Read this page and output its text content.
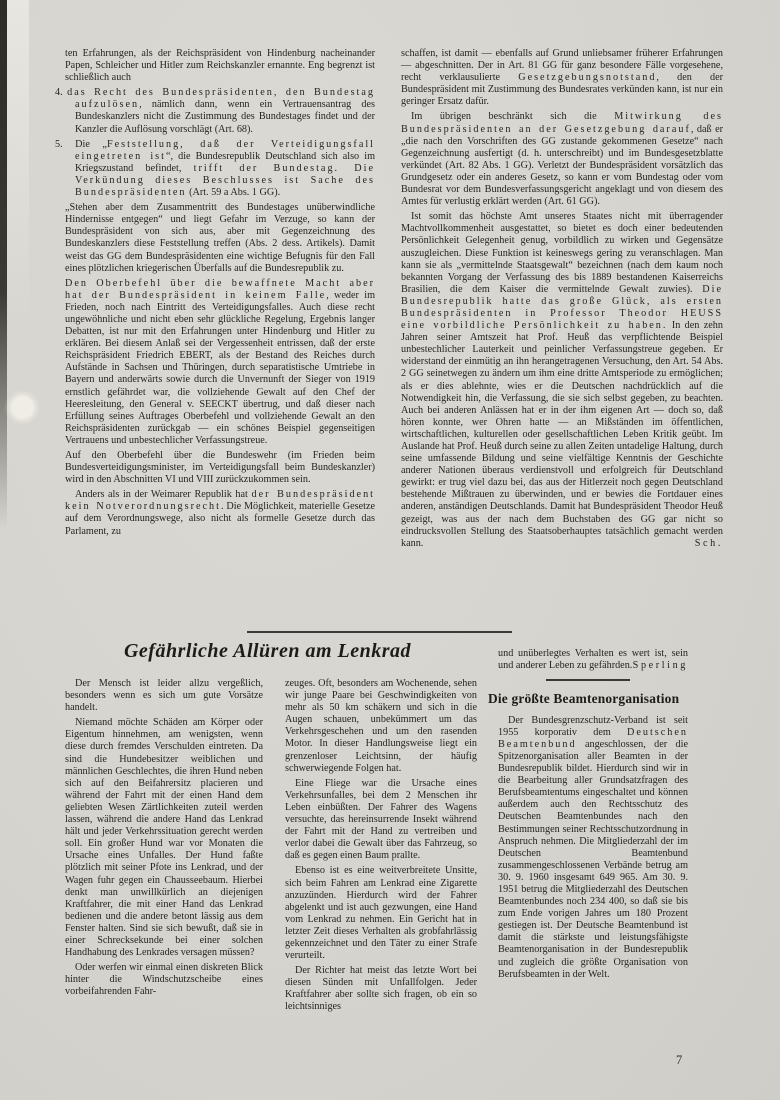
ten Erfahrungen, als der Reichspräsident von Hindenburg nacheinander Papen, Schleicher und Hitler zum Reichskanzler ernannte. Eng begrenzt ist schließlich auch

4. das Recht des Bundespräsidenten, den Bundestag aufzulösen, nämlich dann, wenn ein Vertrauensantrag des Bundeskanzlers nicht die Zustimmung des Bundestages findet und der Kanzler die Auflösung vorschlägt (Art. 68).

5. Die „Feststellung, daß der Verteidigungsfall eingetreten ist“, die Bundesrepublik Deutschland sich also im Kriegszustand befindet, trifft der Bundestag. Die Verkündung dieses Beschlusses ist Sache des Bundespräsidenten (Art. 59 a Abs. 1 GG).

„Stehen aber dem Zusammentritt des Bundestages unüberwindliche Hindernisse entgegen“ und liegt Gefahr im Verzuge, so kann der Bundespräsident von sich aus, aber mit Gegenzeichnung des Bundeskanzlers diese Feststellung treffen (Abs. 2 dess. Artikels). Damit weist das GG dem Bundespräsidenten eine wichtige Befugnis für den Fall eines plötzlichen kriegerischen Überfalls auf die Bundesrepublik zu.

Den Oberbefehl über die bewaffnete Macht aber hat der Bundespräsident in keinem Falle, weder im Frieden, noch nach Eintritt des Verteidigungsfalles. Auch diese recht ungewöhnliche und nicht eben sehr glückliche Regelung, Ergebnis langer Debatten, ist nur mit den Erfahrungen unter Hindenburg und Hitler zu erklären. Bei diesem Anlaß sei der Vergessenheit entrissen, daß der erste Reichspräsident Friedrich EBERT, als der Bestand des Reiches durch Aufstände in Sachsen und Thüringen, durch separatistische Umtriebe in Bayern und anderwärts sowie durch die Unvernunft der Sieger von 1919 ernstlich gefährdet war, die vollziehende Gewalt auf den Chef der Heeresleitung, den General v. SEECKT übertrug, und daß dieser nach Erfüllung seines Auftrages Oberbefehl und vollziehende Gewalt an den Reichspräsidenten zurückgab — ein schönes Beispiel gegenseitigen Vertrauens und unbestechlicher Verfassungstreue.

Auf den Oberbefehl über die Bundeswehr (im Frieden beim Bundesverteidigungsminister, im Verteidigungsfall beim Bundeskanzler) wird in den Abschnitten VI und VIII zurückzukommen sein.

Anders als in der Weimarer Republik hat der Bundespräsident kein Notverordnungsrecht. Die Möglichkeit, materielle Gesetze auf dem Verordnungswege, also nicht als formelle Gesetze durch das Parlament, zu

schaffen, ist damit — ebenfalls auf Grund unliebsamer früherer Erfahrungen — abgeschnitten. Der in Art. 81 GG für ganz besondere Fälle vorgesehene, recht verklausulierte Gesetzgebungsnotstand, den der Bundespräsident mit Zustimmung des Bundesrates verkünden kann, ist nur ein geringer Ersatz dafür.

Im übrigen beschränkt sich die Mitwirkung des Bundespräsidenten an der Gesetzgebung darauf, daß er „die nach den Vorschriften des GG zustande gekommenen Gesetze“ nach Gegenzeichnung ausfertigt (d. h. unterschreibt) und im Bundesgesetzblatte verkündet (Art. 82 Abs. 1 GG). Verletzt der Bundespräsident vorsätzlich das Grundgesetz oder ein anderes Gesetz, so kann er vom Bundestag oder vom Bundesrat vor dem Bundesverfassungsgericht angeklagt und von diesem des Amtes für verlustig erklärt werden (Art. 61 GG).

Ist somit das höchste Amt unseres Staates nicht mit überragender Machtvollkommenheit ausgestattet, so bietet es doch einer bedeutenden Persönlichkeit Gelegenheit genug, vorbildlich zu wirken und Gegensätze auszugleichen. Diese Funktion ist keineswegs gering zu veranschlagen. Man kann sie als „vermittelnde Staatsgewalt“ bezeichnen (nach dem kaum noch bekannten Vorgang der Verfassung des bis 1889 bestandenen Kaiserreichs Brasilien, die dem Kaiser die vermittelnde Gewalt zuwies). Die Bundesrepublik hatte das große Glück, als ersten Bundespräsidenten in Professor Theodor HEUSS eine vorbildliche Persönlichkeit zu haben. In den zehn Jahren seiner Amtszeit hat Prof. Heuß das verpflichtende Beispiel unbestechlicher Lauterkeit und peinlicher Verfassungstreue gegeben. Er widerstand der einmütig an ihn herangetragenen Versuchung, den Art. 54 Abs. 2 GG seinetwegen zu ändern um ihm eine dritte Amtsperiode zu ermöglichen; als er dies ablehnte, wies er die Deutschen nachdrücklich auf die Notwendigkeit hin, die Verfassung, die sie sich selbst gegeben, zu beachten. Auch bei anderen Anlässen hat er in der ihm eigenen Art — doch so, daß hören konnte, wer Ohren hatte — an Mißständen im öffentlichen, wirtschaftlichen, kulturellen oder gesellschaftlichen Leben Kritik geübt. Im Auslande hat Prof. Heuß durch seine zu allen Zeiten untadelige Haltung, durch seine umfassende Bildung und seine vielfältige Kenntnis der Geschichte anderer Nationen überaus verdienstvoll und erfolgreich für Deutschland gewirkt: er trug viel dazu bei, das aus der Hitlerzeit noch gegen Deutschland bestehende Mißtrauen zu überwinden, und er bewies die Fortdauer eines anderen, anständigen Deutschlands. Damit hat Bundespräsident Theodor Heuß gezeigt, was aus der nach dem Buchstaben des GG gar nicht so eindrucksvollen Stellung des Staatsoberhauptes tatsächlich gemacht werden kann.	Sch.

Gefährliche Allüren am Lenkrad

Der Mensch ist leider allzu vergeßlich, besonders wenn es sich um gute Vorsätze handelt.

Niemand möchte Schäden am Körper oder Eigentum hinnehmen, am wenigsten, wenn diese durch fremdes Verschulden eintreten. Da sind die Hundebesitzer weiblichen und männlichen Geschlechtes, die ihren Hund neben sich auf den Beifahrersitz placieren und während der Fahrt mit der einen Hand dem geliebten Wesen Zärtlichkeiten zuteil werden lassen, während die andere Hand das Lenkrad hält und jeder Verkehrssituation gerecht werden soll. Ein großer Hund war vor Monaten die Ursache eines Unfalles. Der Hund faßte plötzlich mit seiner Pfote ins Lenkrad, und der Wagen fuhr gegen ein Chausseebaum. Hierbei denkt man unwillkürlich an diejenigen Kraftfahrer, die mit einer Hand das Lenkrad bedienen und die andere betont lässig aus dem Fenster halten. Sind sie sich bewußt, daß sie in einer Schrecksekunde bei einer solchen Handhabung des Lenkrades versagen müssen?

Oder werfen wir einmal einen diskreten Blick hinter die Windschutzscheibe eines vorbeifahrenden Fahr-

zeuges. Oft, besonders am Wochenende, sehen wir junge Paare bei Geschwindigkeiten von mehr als 50 km schäkern und sich in die Augen schauen, unbekümmert um das Verkehrsgeschehen und um den rasenden Motor. In dieser Handlungsweise liegt ein grenzenloser Leichtsinn, der häufig schwerwiegende Folgen hat.

Eine Fliege war die Ursache eines Verkehrsunfalles, bei dem 2 Menschen ihr Leben einbüßten. Der Fahrer des Wagens versuchte, das hereinsurrende Insekt während der Fahrt mit der Hand zu vertreiben und verlor dabei die Gewalt über das Fahrzeug, so daß es gegen einen Baum prallte.

Ebenso ist es eine weitverbreitete Unsitte, sich beim Fahren am Lenkrad eine Zigarette anzuzünden. Hierdurch wird der Fahrer abgelenkt und ist auch gezwungen, eine Hand vom Lenkrad zu nehmen. Ein Gericht hat in letzter Zeit dieses Verhalten als grobfahrlässig gekennzeichnet und den Täter zu einer Strafe verurteilt.

Der Richter hat meist das letzte Wort bei diesen Sünden mit Unfallfolgen. Jeder Kraftfahrer aber sollte sich fragen, ob ein so leichtsinniges

und unüberlegtes Verhalten es wert ist, sein und anderer Leben zu gefährden. Sperling

Die größte Beamtenorganisation

Der Bundesgrenzschutz-Verband ist seit 1955 korporativ dem Deutschen Beamtenbund angeschlossen, der die Spitzenorganisation aller Beamten in der Bundesrepublik bildet. Hierdurch sind wir in die Bearbeitung aller Grundsatzfragen des Berufsbeamtentums eingeschaltet und können außerdem auch den Rechtsschutz des Deutschen Beamtenbundes nach den Bestimmungen seiner Rechtsschutzordnung in Anspruch nehmen. Die Mitgliederzahl der im Deutschen Beamtenbund zusammengeschlossenen Verbände betrug am 30. 9. 1960 insgesamt 649 965. Am 30. 9. 1951 betrug die Mitgliederzahl des Deutschen Beamtenbundes noch 234 400, so daß sie bis zum Ende vorigen Jahres um 180 Prozent gestiegen ist. Der Deutsche Beamtenbund ist damit die stärkste und leistungsfähigste Beamtenorganisation in der Bundesrepublik und zugleich die größte Organisation von Berufsbeamten in der Welt.

7
